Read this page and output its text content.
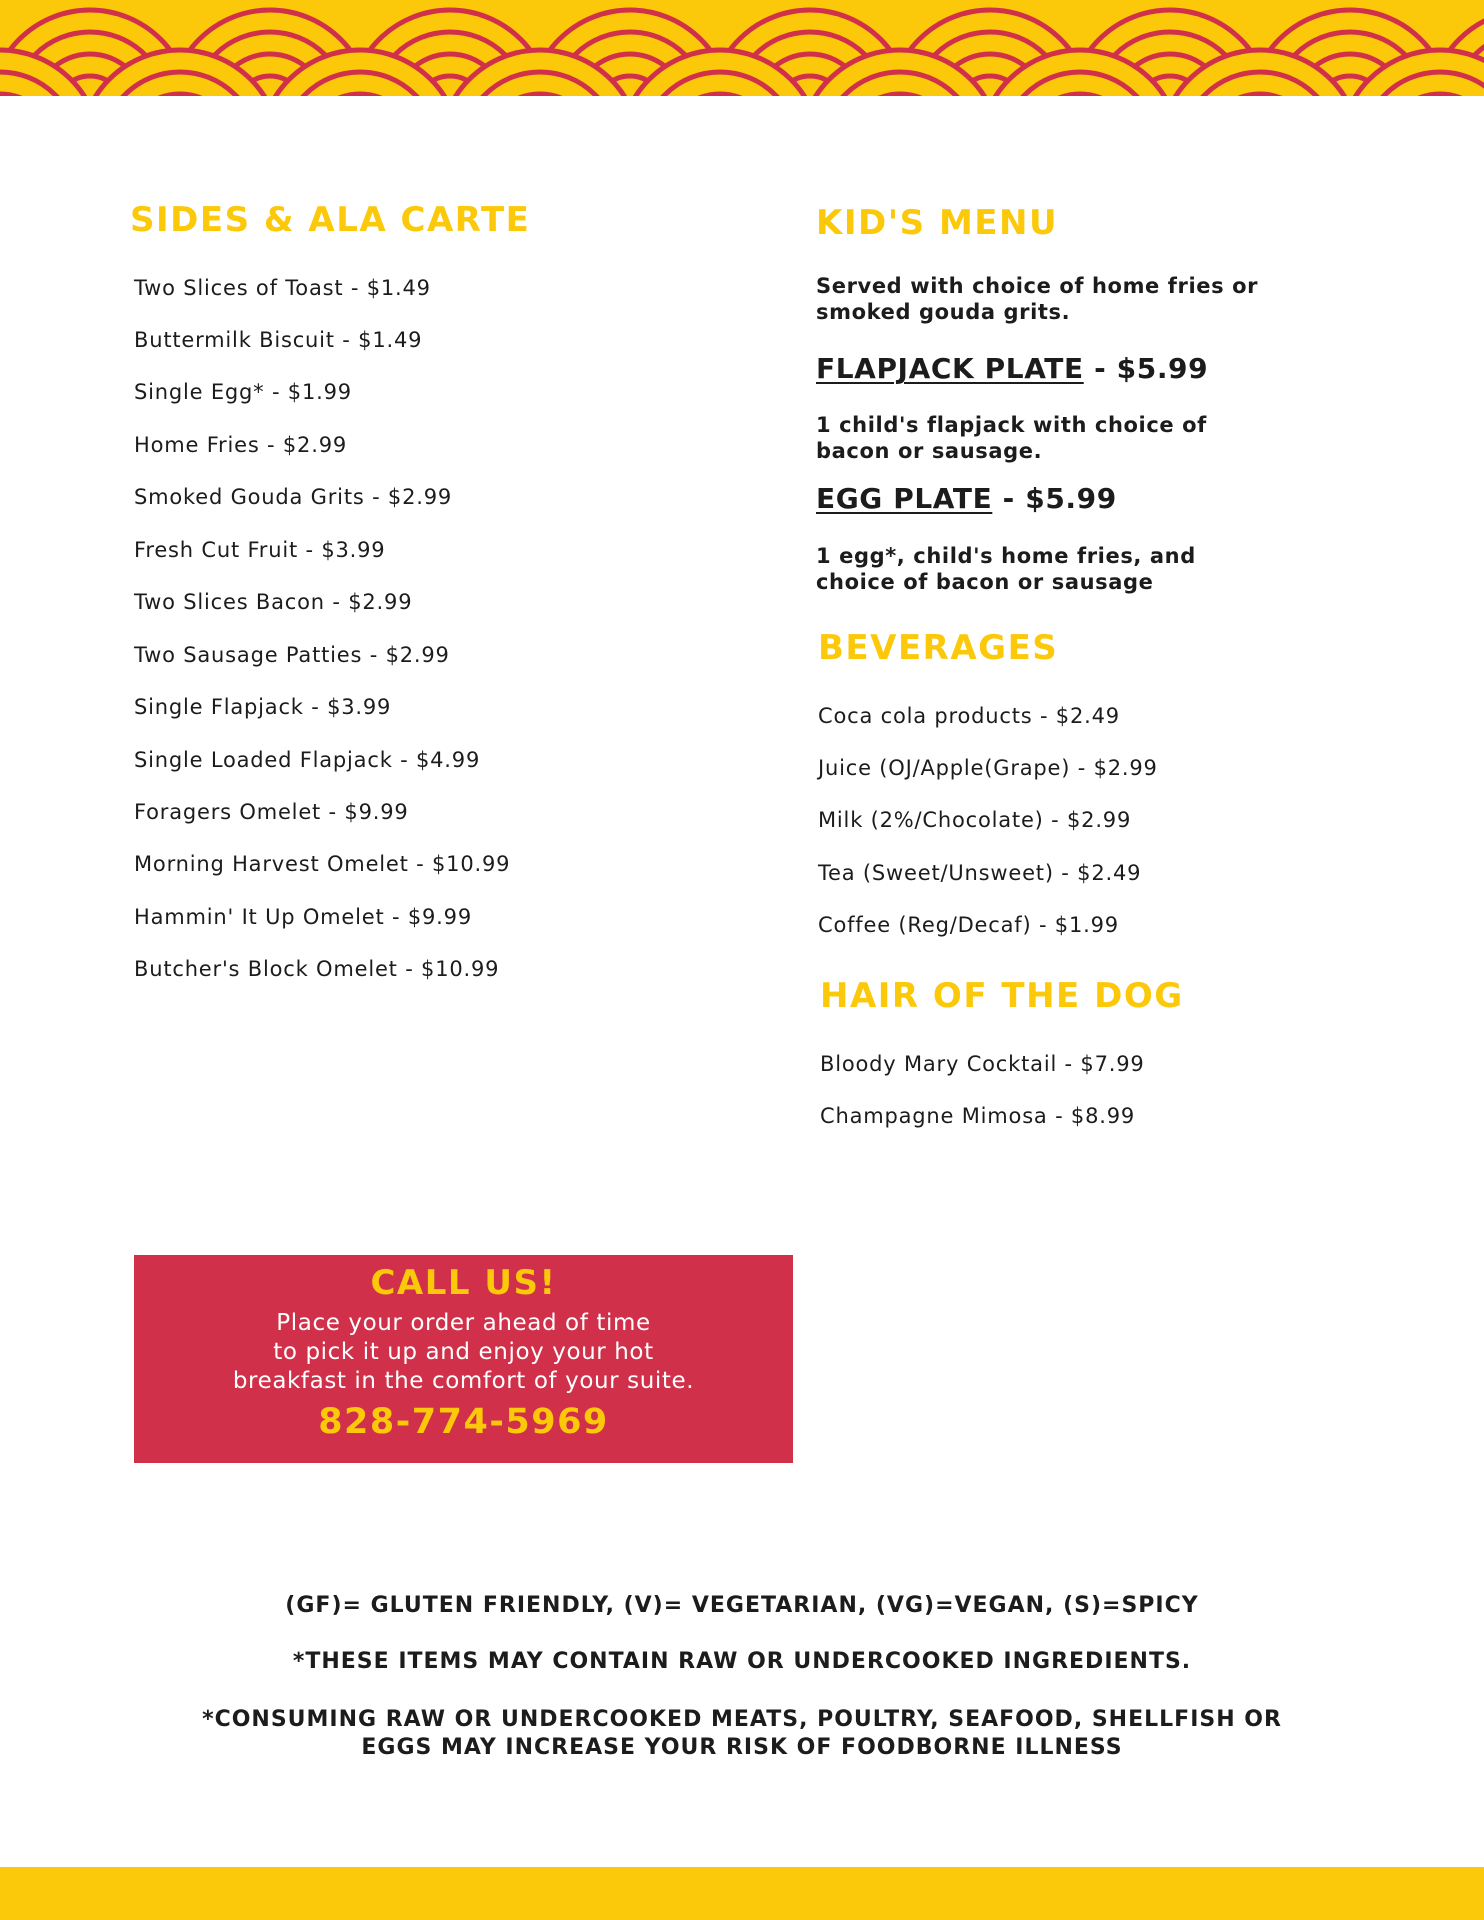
SIDES & ALA CARTE

Two Slices of Toast - $1.49

Buttermilk Biscuit - $1.49

Single Egg* - $1.99

Home Fries - $2.99

Smoked Gouda Grits - $2.99

Fresh Cut Fruit - $3.99

Two Slices Bacon - $2.99

Two Sausage Patties - $2.99

Single Flapjack - $3.99

Single Loaded Flapjack - $4.99

Foragers Omelet - $9.99

Morning Harvest Omelet - $10.99

Hammin' It Up Omelet - $9.99

Butcher's Block Omelet - $10.99

KID'S MENU

Served with choice of home fries or
smoked gouda grits.

FLAPJACK PLATE - $5.99

1 child's flapjack with choice of
bacon or sausage.

EGG PLATE - $5.99

1 egg*, child's home fries, and
choice of bacon or sausage

BEVERAGES

Coca cola products - $2.49

Juice (OJ/Apple(Grape) - $2.99

Milk (2%/Chocolate) - $2.99

Tea (Sweet/Unsweet) - $2.49

Coffee (Reg/Decaf) - $1.99

HAIR OF THE DOG

Bloody Mary Cocktail - $7.99

Champagne Mimosa - $8.99

CALL US!

Place your order ahead of time
to pick it up and enjoy your hot
breakfast in the comfort of your suite.

828-774-5969

(GF)= GLUTEN FRIENDLY, (V)= VEGETARIAN, (VG)=VEGAN, (S)=SPICY

*THESE ITEMS MAY CONTAIN RAW OR UNDERCOOKED INGREDIENTS.

*CONSUMING RAW OR UNDERCOOKED MEATS, POULTRY, SEAFOOD, SHELLFISH OR
EGGS MAY INCREASE YOUR RISK OF FOODBORNE ILLNESS
